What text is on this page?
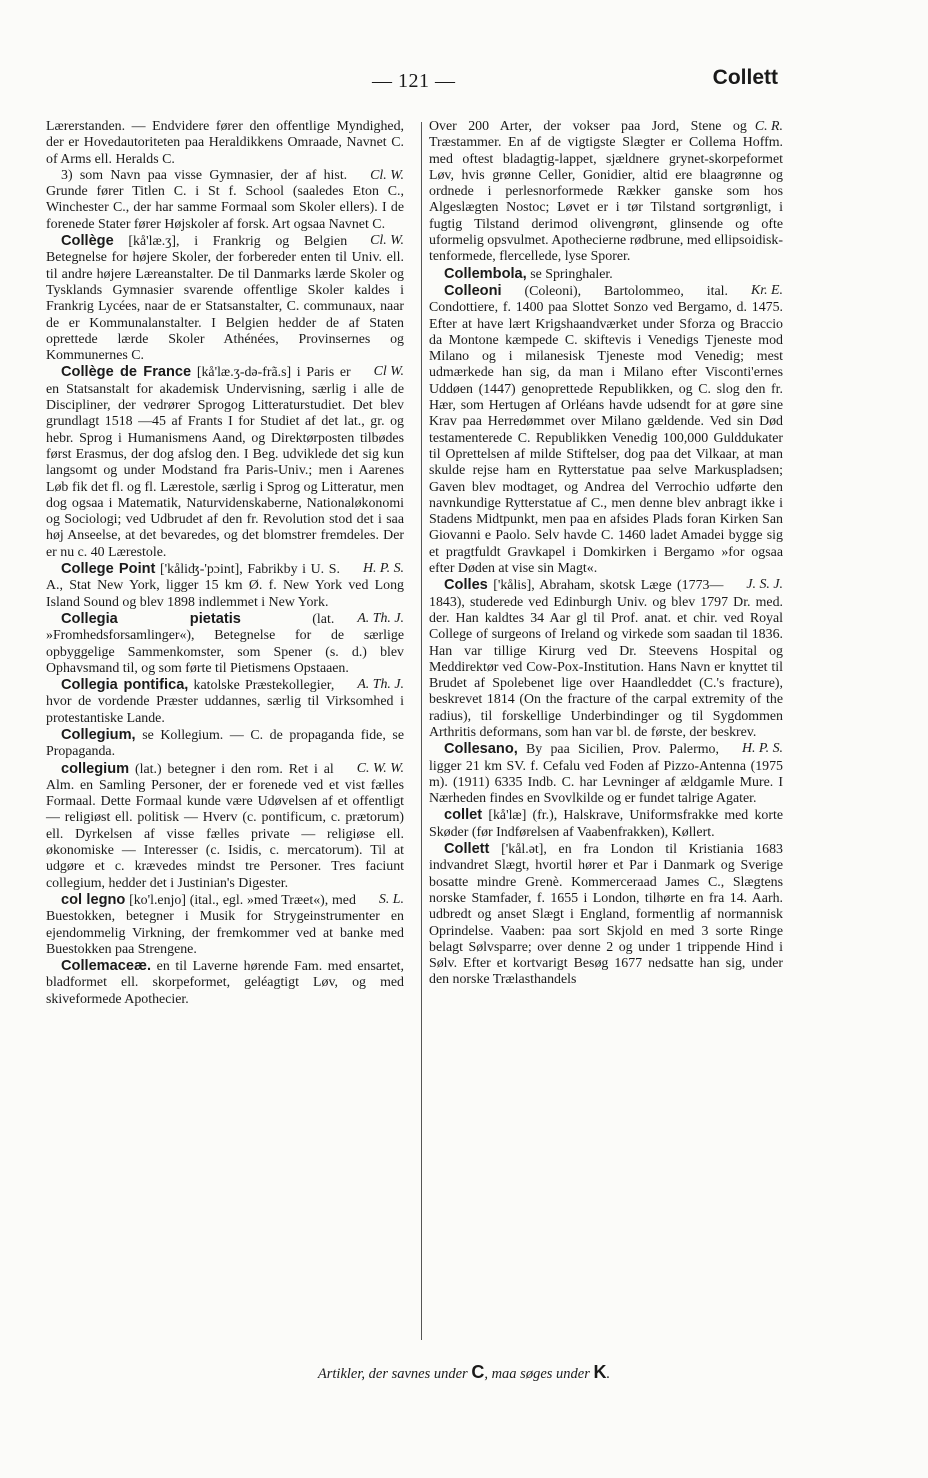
— 121 —	Collett

Lærerstanden. — Endvidere fører den offentlige Myndighed, der er Hovedautoriteten paa Heraldikkens Omraade, Navnet C. of Arms ell. Heralds C.

Cl. W.
3) som Navn paa visse Gymnasier, der af hist. Grunde fører Titlen C. i St f. School (saaledes Eton C., Winchester C., der har samme Formaal som Skoler ellers). I de forenede Stater fører Højskoler af forsk. Art ogsaa Navnet C.

Cl. W.
Collège [kå'læ.ʒ], i Frankrig og Belgien Betegnelse for højere Skoler, der forbereder enten til Univ. ell. til andre højere Læreanstalter. De til Danmarks lærde Skoler og Tysklands Gymnasier svarende offentlige Skoler kaldes i Frankrig Lycées, naar de er Statsanstalter, C. communaux, naar de er Kommunalanstalter. I Belgien hedder de af Staten oprettede lærde Skoler Athénées, Provinsernes og Kommunernes C.

Cl W.
Collège de France [kå'læ.ʒ-də-frã.s] i Paris er en Statsanstalt for akademisk Undervisning, særlig i alle de Discipliner, der vedrører Sprogog Litteraturstudiet. Det blev grundlagt 1518 —45 af Frants I for Studiet af det lat., gr. og hebr. Sprog i Humanismens Aand, og Direktørposten tilbødes først Erasmus, der dog afslog den. I Beg. udviklede det sig kun langsomt og under Modstand fra Paris-Univ.; men i Aarenes Løb fik det fl. og fl. Lærestole, særlig i Sprog og Litteratur, men dog ogsaa i Matematik, Naturvidenskaberne, Nationaløkonomi og Sociologi; ved Udbrudet af den fr. Revolution stod det i saa høj Anseelse, at det bevaredes, og det blomstrer fremdeles. Der er nu c. 40 Lærestole.

H. P. S.
College Point ['kåliʤ-'pɔint], Fabrikby i U. S. A., Stat New York, ligger 15 km Ø. f. New York ved Long Island Sound og blev 1898 indlemmet i New York.

A. Th. J.
Collegia pietatis (lat. »Fromhedsforsamlinger«), Betegnelse for de særlige opbyggelige Sammenkomster, som Spener (s. d.) blev Ophavsmand til, og som førte til Pietismens Opstaaen.

A. Th. J.
Collegia pontifica, katolske Præstekollegier, hvor de vordende Præster uddannes, særlig til Virksomhed i protestantiske Lande.

Collegium, se Kollegium. — C. de propaganda fide, se Propaganda.

C. W. W.
collegium (lat.) betegner i den rom. Ret i al Alm. en Samling Personer, der er forenede ved et vist fælles Formaal. Dette Formaal kunde være Udøvelsen af et offentligt — religiøst ell. politisk — Hverv (c. pontificum, c. prætorum) ell. Dyrkelsen af visse fælles private — religiøse ell. økonomiske — Interesser (c. Isidis, c. mercatorum). Til at udgøre et c. krævedes mindst tre Personer. Tres faciunt collegium, hedder det i Justinian's Digester.

S. L.
col legno [ko'l.enjo] (ital., egl. »med Træet«), med Buestokken, betegner i Musik for Strygeinstrumenter en ejendommelig Virkning, der fremkommer ved at banke med Buestokken paa Strengene.

Collemaceæ. en til Laverne hørende Fam. med ensartet, bladformet ell. skorpeformet, geléagtigt Løv, og med skiveformede Apothecier.

C. R.
Over 200 Arter, der vokser paa Jord, Stene og Træstammer. En af de vigtigste Slægter er Collema Hoffm. med oftest bladagtig-lappet, sjældnere grynet-skorpeformet Løv, hvis grønne Celler, Gonidier, altid ere blaagrønne og ordnede i perlesnorformede Rækker ganske som hos Algeslægten Nostoc; Løvet er i tør Tilstand sortgrønligt, i fugtig Tilstand derimod olivengrønt, glinsende og ofte uformelig opsvulmet. Apothecierne rødbrune, med ellipsoidisk-tenformede, flercellede, lyse Sporer.

Collembola, se Springhaler.

Kr. E.
Colleoni (Coleoni), Bartolommeo, ital. Condottiere, f. 1400 paa Slottet Sonzo ved Bergamo, d. 1475. Efter at have lært Krigshaandværket under Sforza og Braccio da Montone kæmpede C. skiftevis i Venedigs Tjeneste mod Milano og i milanesisk Tjeneste mod Venedig; mest udmærkede han sig, da man i Milano efter Visconti'ernes Uddøen (1447) genoprettede Republikken, og C. slog den fr. Hær, som Hertugen af Orléans havde udsendt for at gøre sine Krav paa Herredømmet over Milano gældende. Ved sin Død testamenterede C. Republikken Venedig 100,000 Gulddukater til Oprettelsen af milde Stiftelser, dog paa det Vilkaar, at man skulde rejse ham en Rytterstatue paa selve Markuspladsen; Gaven blev modtaget, og Andrea del Verrochio udførte den navnkundige Rytterstatue af C., men denne blev anbragt ikke i Stadens Midtpunkt, men paa en afsides Plads foran Kirken San Giovanni e Paolo. Selv havde C. 1460 ladet Amadei bygge sig et pragtfuldt Gravkapel i Domkirken i Bergamo »for ogsaa efter Døden at vise sin Magt«.

J. S. J.
Colles ['kålis], Abraham, skotsk Læge (1773—1843), studerede ved Edinburgh Univ. og blev 1797 Dr. med. der. Han kaldtes 34 Aar gl til Prof. anat. et chir. ved Royal College of surgeons of Ireland og virkede som saadan til 1836. Han var tillige Kirurg ved Dr. Steevens Hospital og Meddirektør ved Cow-Pox-Institution. Hans Navn er knyttet til Brudet af Spolebenet lige over Haandleddet (C.'s fracture), beskrevet 1814 (On the fracture of the carpal extremity of the radius), til forskellige Underbindinger og til Sygdommen Arthritis deformans, som han var bl. de første, der beskrev.

H. P. S.
Collesano, By paa Sicilien, Prov. Palermo, ligger 21 km SV. f. Cefalu ved Foden af Pizzo-Antenna (1975 m). (1911) 6335 Indb. C. har Levninger af ældgamle Mure. I Nærheden findes en Svovlkilde og er fundet talrige Agater.

collet [kå'læ] (fr.), Halskrave, Uniformsfrakke med korte Skøder (før Indførelsen af Vaabenfrakken), Køllert.

Collett ['kål.ət], en fra London til Kristiania 1683 indvandret Slægt, hvortil hører et Par i Danmark og Sverige bosatte mindre Grenè. Kommerceraad James C., Slægtens norske Stamfader, f. 1655 i London, tilhørte en fra 14. Aarh. udbredt og anset Slægt i England, formentlig af normannisk Oprindelse. Vaaben: paa sort Skjold en med 3 sorte Ringe belagt Sølvsparre; over denne 2 og under 1 trippende Hind i Sølv. Efter et kortvarigt Besøg 1677 nedsatte han sig, under den norske Trælasthandels

Artikler, der savnes under C, maa søges under K.
